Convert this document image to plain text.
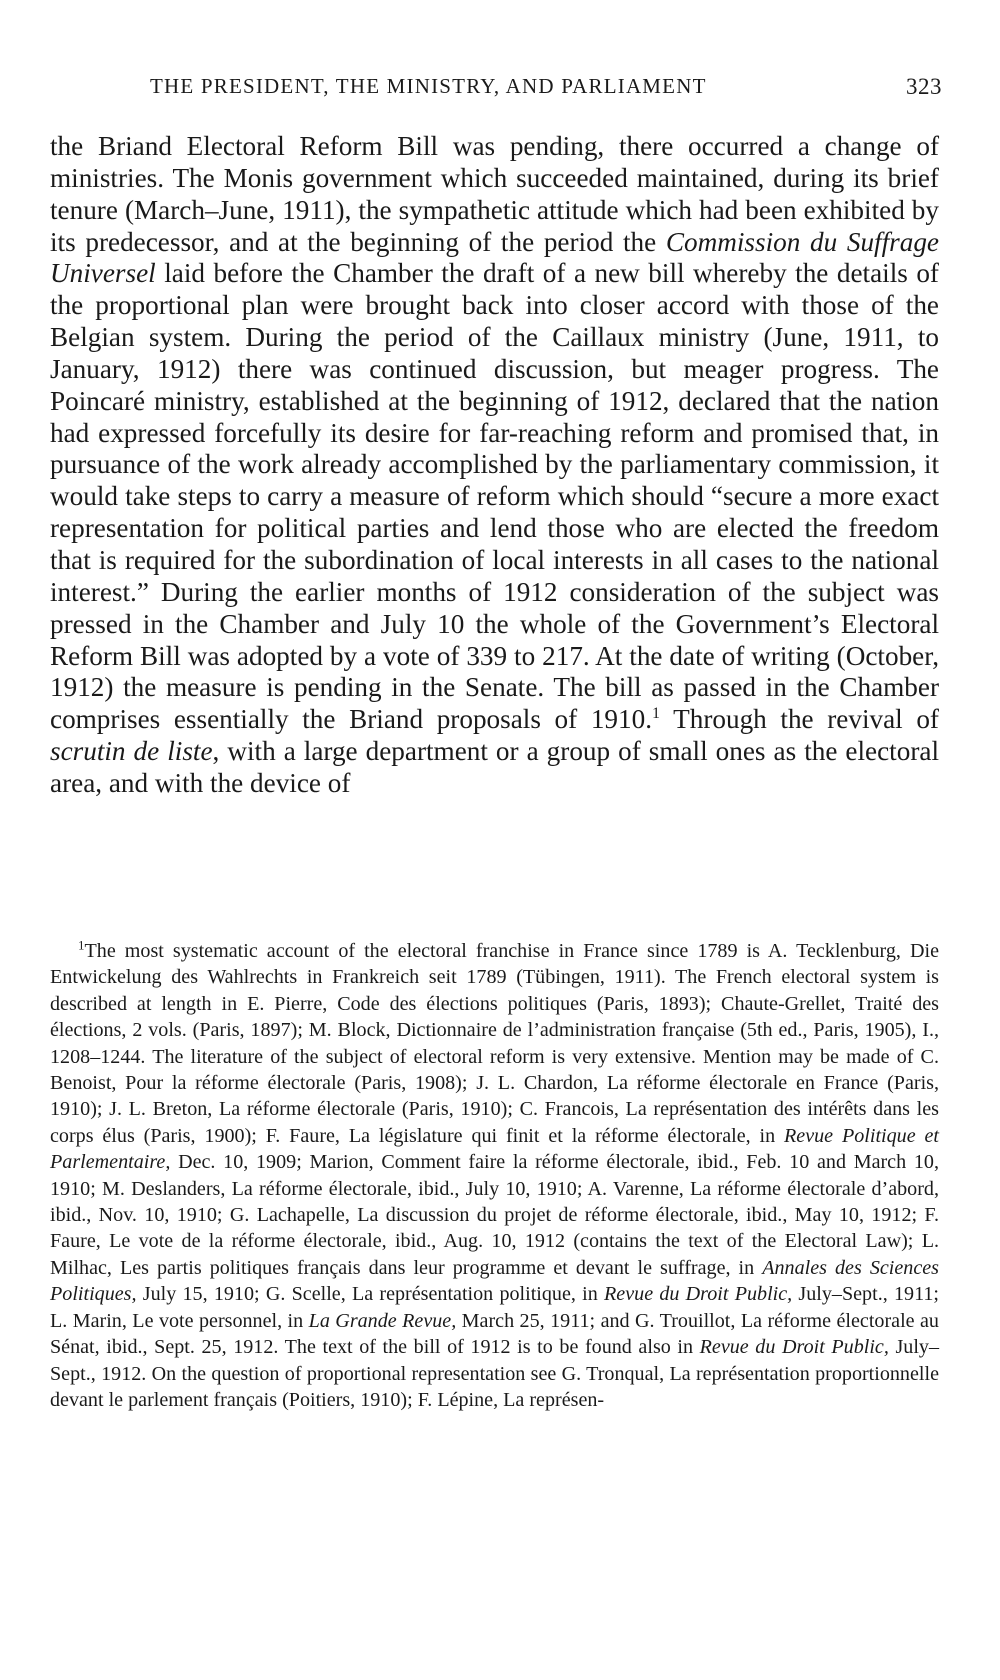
THE PRESIDENT, THE MINISTRY, AND PARLIAMENT	323

the Briand Electoral Reform Bill was pending, there occurred a change of ministries. The Monis government which succeeded maintained, during its brief tenure (March–June, 1911), the sympathetic attitude which had been exhibited by its predecessor, and at the beginning of the period the Commission du Suffrage Universel laid before the Chamber the draft of a new bill whereby the details of the proportional plan were brought back into closer accord with those of the Belgian system. During the period of the Caillaux ministry (June, 1911, to January, 1912) there was continued discussion, but meager progress. The Poincaré ministry, established at the beginning of 1912, declared that the nation had expressed forcefully its desire for far-reaching reform and promised that, in pursuance of the work already accomplished by the parliamentary commission, it would take steps to carry a measure of reform which should “secure a more exact representation for political parties and lend those who are elected the freedom that is required for the subordination of local interests in all cases to the national interest.” During the earlier months of 1912 consideration of the subject was pressed in the Chamber and July 10 the whole of the Government’s Electoral Reform Bill was adopted by a vote of 339 to 217. At the date of writing (October, 1912) the measure is pending in the Senate. The bill as passed in the Chamber comprises essentially the Briand proposals of 1910.$^1$ Through the revival of scrutin de liste, with a large department or a group of small ones as the electoral area, and with the device of

$^1$The most systematic account of the electoral franchise in France since 1789 is A. Tecklenburg, Die Entwickelung des Wahlrechts in Frankreich seit 1789 (Tübingen, 1911). The French electoral system is described at length in E. Pierre, Code des élections politiques (Paris, 1893); Chaute-Grellet, Traité des élections, 2 vols. (Paris, 1897); M. Block, Dictionnaire de l’administration française (5th ed., Paris, 1905), I., 1208–1244. The literature of the subject of electoral reform is very extensive. Mention may be made of C. Benoist, Pour la réforme électorale (Paris, 1908); J. L. Chardon, La réforme électorale en France (Paris, 1910); J. L. Breton, La réforme électorale (Paris, 1910); C. Francois, La représentation des intérêts dans les corps élus (Paris, 1900); F. Faure, La législature qui finit et la réforme électorale, in Revue Politique et Parlementaire, Dec. 10, 1909; Marion, Comment faire la réforme électorale, ibid., Feb. 10 and March 10, 1910; M. Deslanders, La réforme électorale, ibid., July 10, 1910; A. Varenne, La réforme électorale d’abord, ibid., Nov. 10, 1910; G. Lachapelle, La discussion du projet de réforme électorale, ibid., May 10, 1912; F. Faure, Le vote de la réforme électorale, ibid., Aug. 10, 1912 (contains the text of the Electoral Law); L. Milhac, Les partis politiques français dans leur programme et devant le suffrage, in Annales des Sciences Politiques, July 15, 1910; G. Scelle, La représentation politique, in Revue du Droit Public, July–Sept., 1911; L. Marin, Le vote personnel, in La Grande Revue, March 25, 1911; and G. Trouillot, La réforme électorale au Sénat, ibid., Sept. 25, 1912. The text of the bill of 1912 is to be found also in Revue du Droit Public, July–Sept., 1912. On the question of proportional representation see G. Tronqual, La représentation proportionnelle devant le parlement français (Poitiers, 1910); F. Lépine, La représen-
